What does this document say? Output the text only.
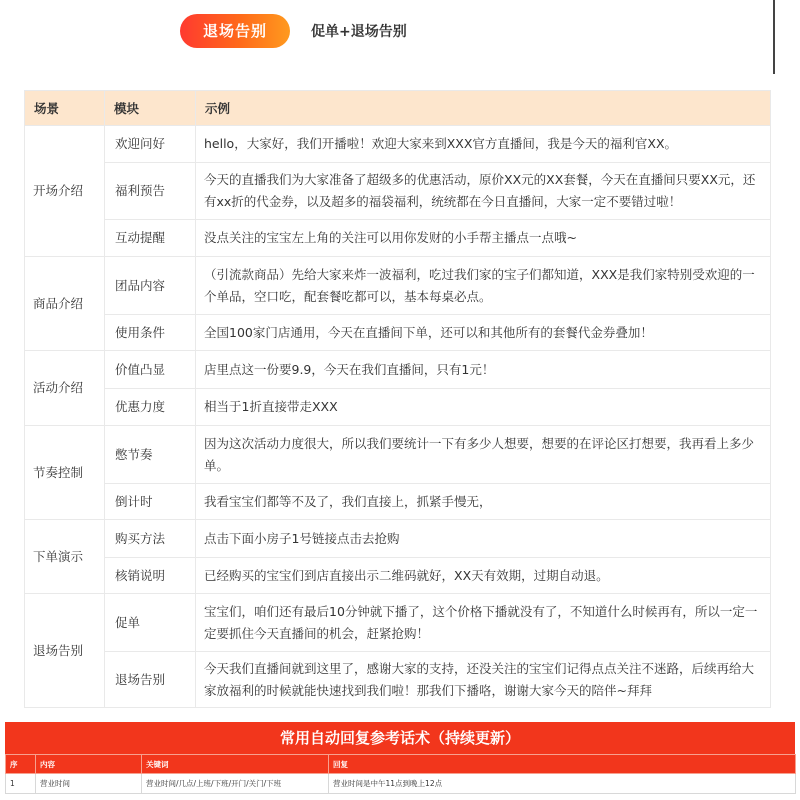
退场告别	促单+退场告别
场景	模块	示例
开场介绍	欢迎问好	hello，大家好，我们开播啦！欢迎大家来到XXX官方直播间，我是今天的福利官XX。
	福利预告	今天的直播我们为大家准备了超级多的优惠活动，原价XX元的XX套餐，今天在直播间只要XX元，还有xx折的代金券，以及超多的福袋福利，统统都在今日直播间，大家一定不要错过啦！
	互动提醒	没点关注的宝宝左上角的关注可以用你发财的小手帮主播点一点哦~
商品介绍	团品内容	（引流款商品）先给大家来炸一波福利，吃过我们家的宝子们都知道，XXX是我们家特别受欢迎的一个单品，空口吃，配套餐吃都可以，基本每桌必点。
	使用条件	全国100家门店通用，今天在直播间下单，还可以和其他所有的套餐代金券叠加！
活动介绍	价值凸显	店里点这一份要9.9，今天在我们直播间，只有1元！
	优惠力度	相当于1折直接带走XXX
节奏控制	憋节奏	因为这次活动力度很大，所以我们要统计一下有多少人想要，想要的在评论区打想要，我再看上多少单。
	倒计时	我看宝宝们都等不及了，我们直接上，抓紧手慢无，
下单演示	购买方法	点击下面小房子1号链接点击去抢购
	核销说明	已经购买的宝宝们到店直接出示二维码就好，XX天有效期，过期自动退。
退场告别	促单	宝宝们，咱们还有最后10分钟就下播了，这个价格下播就没有了，不知道什么时候再有，所以一定一定要抓住今天直播间的机会，赶紧抢购！
	退场告别	今天我们直播间就到这里了，感谢大家的支持，还没关注的宝宝们记得点点关注不迷路，后续再给大家放福利的时候就能快速找到我们啦！那我们下播咯，谢谢大家今天的陪伴~拜拜
常用自动回复参考话术（持续更新）
序	内容	关键词	回复
1	营业时间	营业时间/几点/上班/下班/开门/关门/下班	营业时间是中午11点到晚上12点
